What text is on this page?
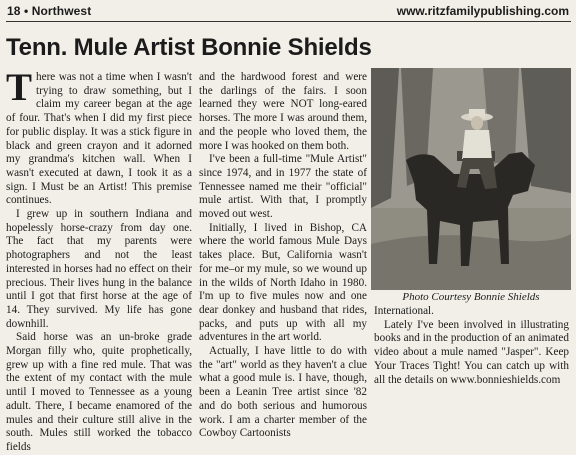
18 • Northwest	www.ritzfamilypublishing.com
Tenn. Mule Artist Bonnie Shields

There was not a time when I wasn't trying to draw something, but I claim my career began at the age of four. That's when I did my first piece for public display. It was a stick figure in black and green crayon and it adorned my grandma's kitchen wall. When I wasn't executed at dawn, I took it as a sign. I Must be an Artist! This premise continues.

I grew up in southern Indiana and hopelessly horse-crazy from day one. The fact that my parents were photographers and not the least interested in horses had no effect on their precious. Their lives hung in the balance until I got that first horse at the age of 14. They survived. My life has gone downhill.

Said horse was an un-broke grade Morgan filly who, quite prophetically, grew up with a fine red mule. That was the extent of my contact with the mule until I moved to Tennessee as a young adult. There, I became enamored of the mules and their culture still alive in the south. Mules still worked the tobacco fields

and the hardwood forest and were the darlings of the fairs. I soon learned they were NOT long-eared horses. The more I was around them, and the people who loved them, the more I was hooked on them both.

I've been a full-time "Mule Artist" since 1974, and in 1977 the state of Tennessee named me their "official" mule artist. With that, I promptly moved out west.

Initially, I lived in Bishop, CA where the world famous Mule Days takes place. But, California wasn't for me–or my mule, so we wound up in the wilds of North Idaho in 1980. I'm up to five mules now and one dear donkey and husband that rides, packs, and puts up with all my adventures in the art world.

Actually, I have little to do with the "art" world as they haven't a clue what a good mule is. I have, though, been a Leanin Tree artist since '82 and do both serious and humorous work. I am a charter member of the Cowboy Cartoonists

Photo Courtesy Bonnie Shields

International.

Lately I've been involved in illustrating books and in the production of an animated video about a mule named "Jasper". Keep Your Traces Tight! You can catch up with all the details on www.bonnieshields.com
